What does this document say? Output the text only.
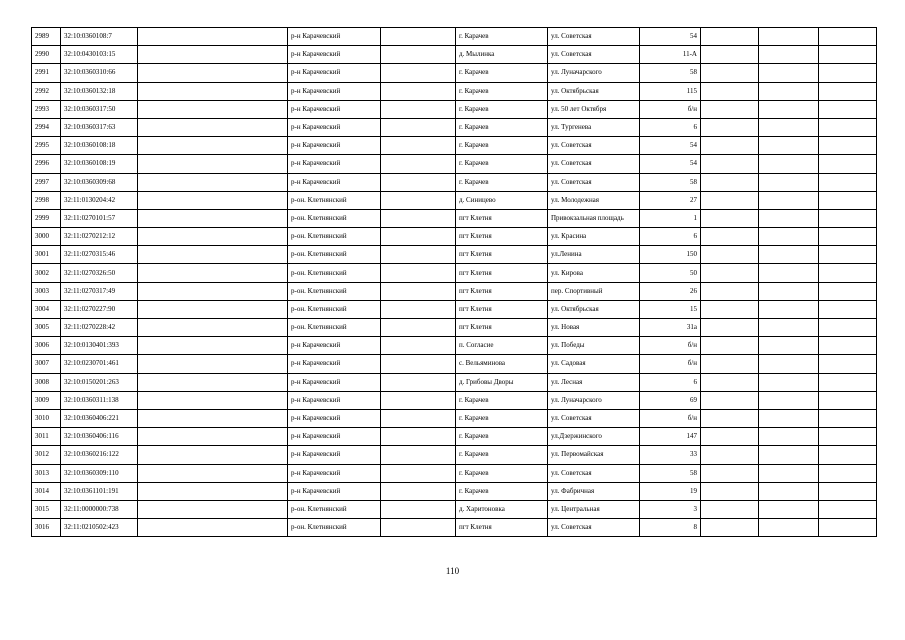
2989	32:10:0360108:7		р-н Карачевский		г. Карачев	ул. Советская	54			
2990	32:10:0430103:15		р-н Карачевский		д. Мылинка	ул. Советская	11-А			
2991	32:10:0360310:66		р-н Карачевский		г. Карачев	ул. Луначарского	58			
2992	32:10:0360132:18		р-н Карачевский		г. Карачев	ул. Октябрьская	115			
2993	32:10:0360317:50		р-н Карачевский		г. Карачев	ул. 50 лет Октября	б/н			
2994	32:10:0360317:63		р-н Карачевский		г. Карачев	ул. Тургенева	6			
2995	32:10:0360108:18		р-н Карачевский		г. Карачев	ул. Советская	54			
2996	32:10:0360108:19		р-н Карачевский		г. Карачев	ул. Советская	54			
2997	32:10:0360309:68		р-н Карачевский		г. Карачев	ул. Советская	58			
2998	32:11:0130204:42		р-он. Клетнянский		д. Синицево	ул. Молодежная	27			
2999	32:11:0270101:57		р-он. Клетнянский		пгт Клетня	Привокзальная площадь	1			
3000	32:11:0270212:12		р-он. Клетнянский		пгт Клетня	ул. Красина	6			
3001	32:11:0270315:46		р-он. Клетнянский		пгт Клетня	ул.Ленина	150			
3002	32:11:0270326:50		р-он. Клетнянский		пгт Клетня	ул. Кирова	50			
3003	32:11:0270317:49		р-он. Клетнянский		пгт Клетня	пер. Спортивный	26			
3004	32:11:0270227:90		р-он. Клетнянский		пгт Клетня	ул. Октябрьская	15			
3005	32:11:0270228:42		р-он. Клетнянский		пгт Клетня	ул. Новая	31а			
3006	32:10:0130401:393		р-н Карачевский		п. Согласие	ул. Победы	б/н			
3007	32:10:0230701:461		р-н Карачевский		с. Вельяминова	ул. Садовая	б/н			
3008	32:10:0150201:263		р-н Карачевский		д. Грибовы Дворы	ул. Лесная	6			
3009	32:10:0360311:138		р-н Карачевский		г. Карачев	ул. Луначарского	69			
3010	32:10:0360406:221		р-н Карачевский		г. Карачев	ул. Советская	б/н			
3011	32:10:0360406:116		р-н Карачевский		г. Карачев	ул.Дзержинского	147			
3012	32:10:0360216:122		р-н Карачевский		г. Карачев	ул. Первомайская	33			
3013	32:10:0360309:110		р-н Карачевский		г. Карачев	ул. Советская	58			
3014	32:10:0361101:191		р-н Карачевский		г. Карачев	ул. Фабричная	19			
3015	32:11:0000000:738		р-он. Клетнянский		д. Харитоновка	ул. Центральная	3			
3016	32:11:0210502:423		р-он. Клетнянский		пгт Клетня	ул. Советская	8			
110
